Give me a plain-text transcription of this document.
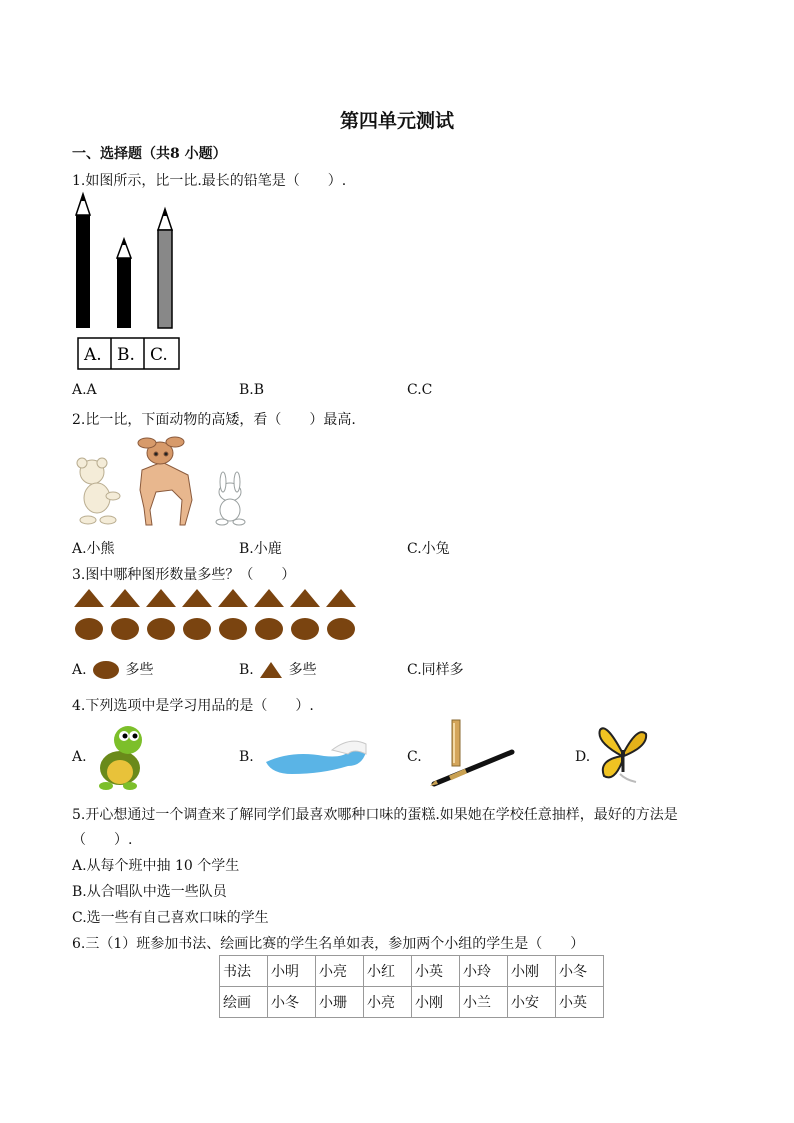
第四单元测试
一、选择题（共8 小题）
1.如图所示，比一比.最长的铅笔是（　　）.
A. B. C.
A.A	B.B	C.C
2.比一比，下面动物的高矮，看（　　）最高.
A.小熊	B.小鹿	C.小兔
3.图中哪种图形数量多些？（　　）
A.	多些	B. 多些	C.同样多
4.下列选项中是学习用品的是（　　）.
A.	B.	C.	D.
5.开心想通过一个调查来了解同学们最喜欢哪种口味的蛋糕.如果她在学校任意抽样，最好的方法是
（　　）.
A.从每个班中抽 10 个学生
B.从合唱队中选一些队员
C.选一些有自己喜欢口味的学生
6.三（1）班参加书法、绘画比赛的学生名单如表，参加两个小组的学生是（　　）
书法	小明	小亮	小红	小英	小玲	小刚	小冬
绘画	小冬	小珊	小亮	小刚	小兰	小安	小英
